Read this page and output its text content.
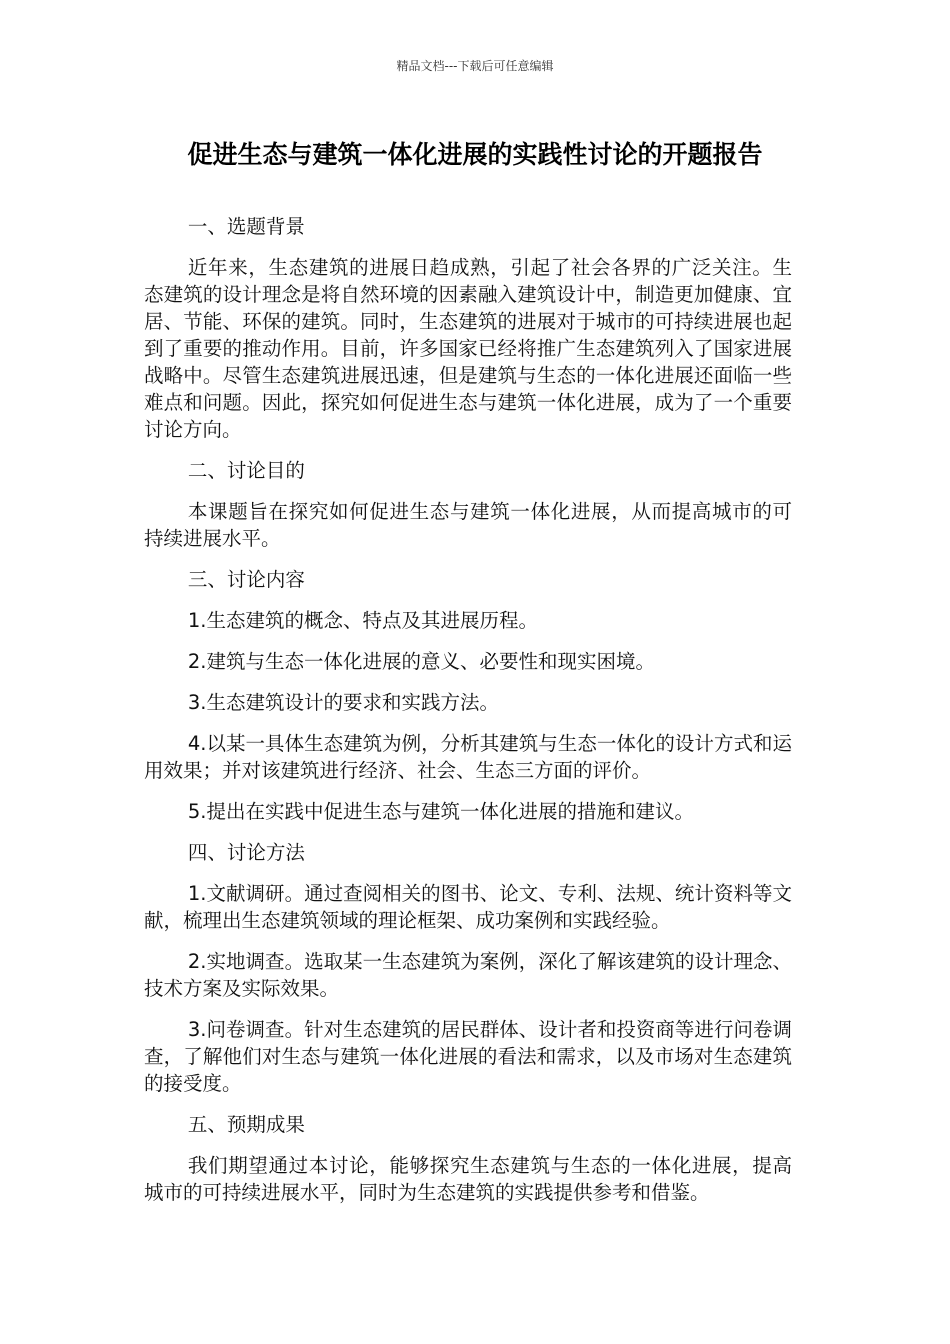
精品文档---下载后可任意编辑
促进生态与建筑一体化进展的实践性讨论的开题报告

一、选题背景

近年来，生态建筑的进展日趋成熟，引起了社会各界的广泛关注。生态建筑的设计理念是将自然环境的因素融入建筑设计中，制造更加健康、宜居、节能、环保的建筑。同时，生态建筑的进展对于城市的可持续进展也起到了重要的推动作用。目前，许多国家已经将推广生态建筑列入了国家进展战略中。尽管生态建筑进展迅速，但是建筑与生态的一体化进展还面临一些难点和问题。因此，探究如何促进生态与建筑一体化进展，成为了一个重要讨论方向。

二、讨论目的

本课题旨在探究如何促进生态与建筑一体化进展，从而提高城市的可持续进展水平。

三、讨论内容

1.生态建筑的概念、特点及其进展历程。

2.建筑与生态一体化进展的意义、必要性和现实困境。

3.生态建筑设计的要求和实践方法。

4.以某一具体生态建筑为例，分析其建筑与生态一体化的设计方式和运用效果；并对该建筑进行经济、社会、生态三方面的评价。

5.提出在实践中促进生态与建筑一体化进展的措施和建议。

四、讨论方法

1.文献调研。通过查阅相关的图书、论文、专利、法规、统计资料等文献，梳理出生态建筑领域的理论框架、成功案例和实践经验。

2.实地调查。选取某一生态建筑为案例，深化了解该建筑的设计理念、技术方案及实际效果。

3.问卷调查。针对生态建筑的居民群体、设计者和投资商等进行问卷调查，了解他们对生态与建筑一体化进展的看法和需求，以及市场对生态建筑的接受度。

五、预期成果

我们期望通过本讨论，能够探究生态建筑与生态的一体化进展，提高城市的可持续进展水平，同时为生态建筑的实践提供参考和借鉴。
